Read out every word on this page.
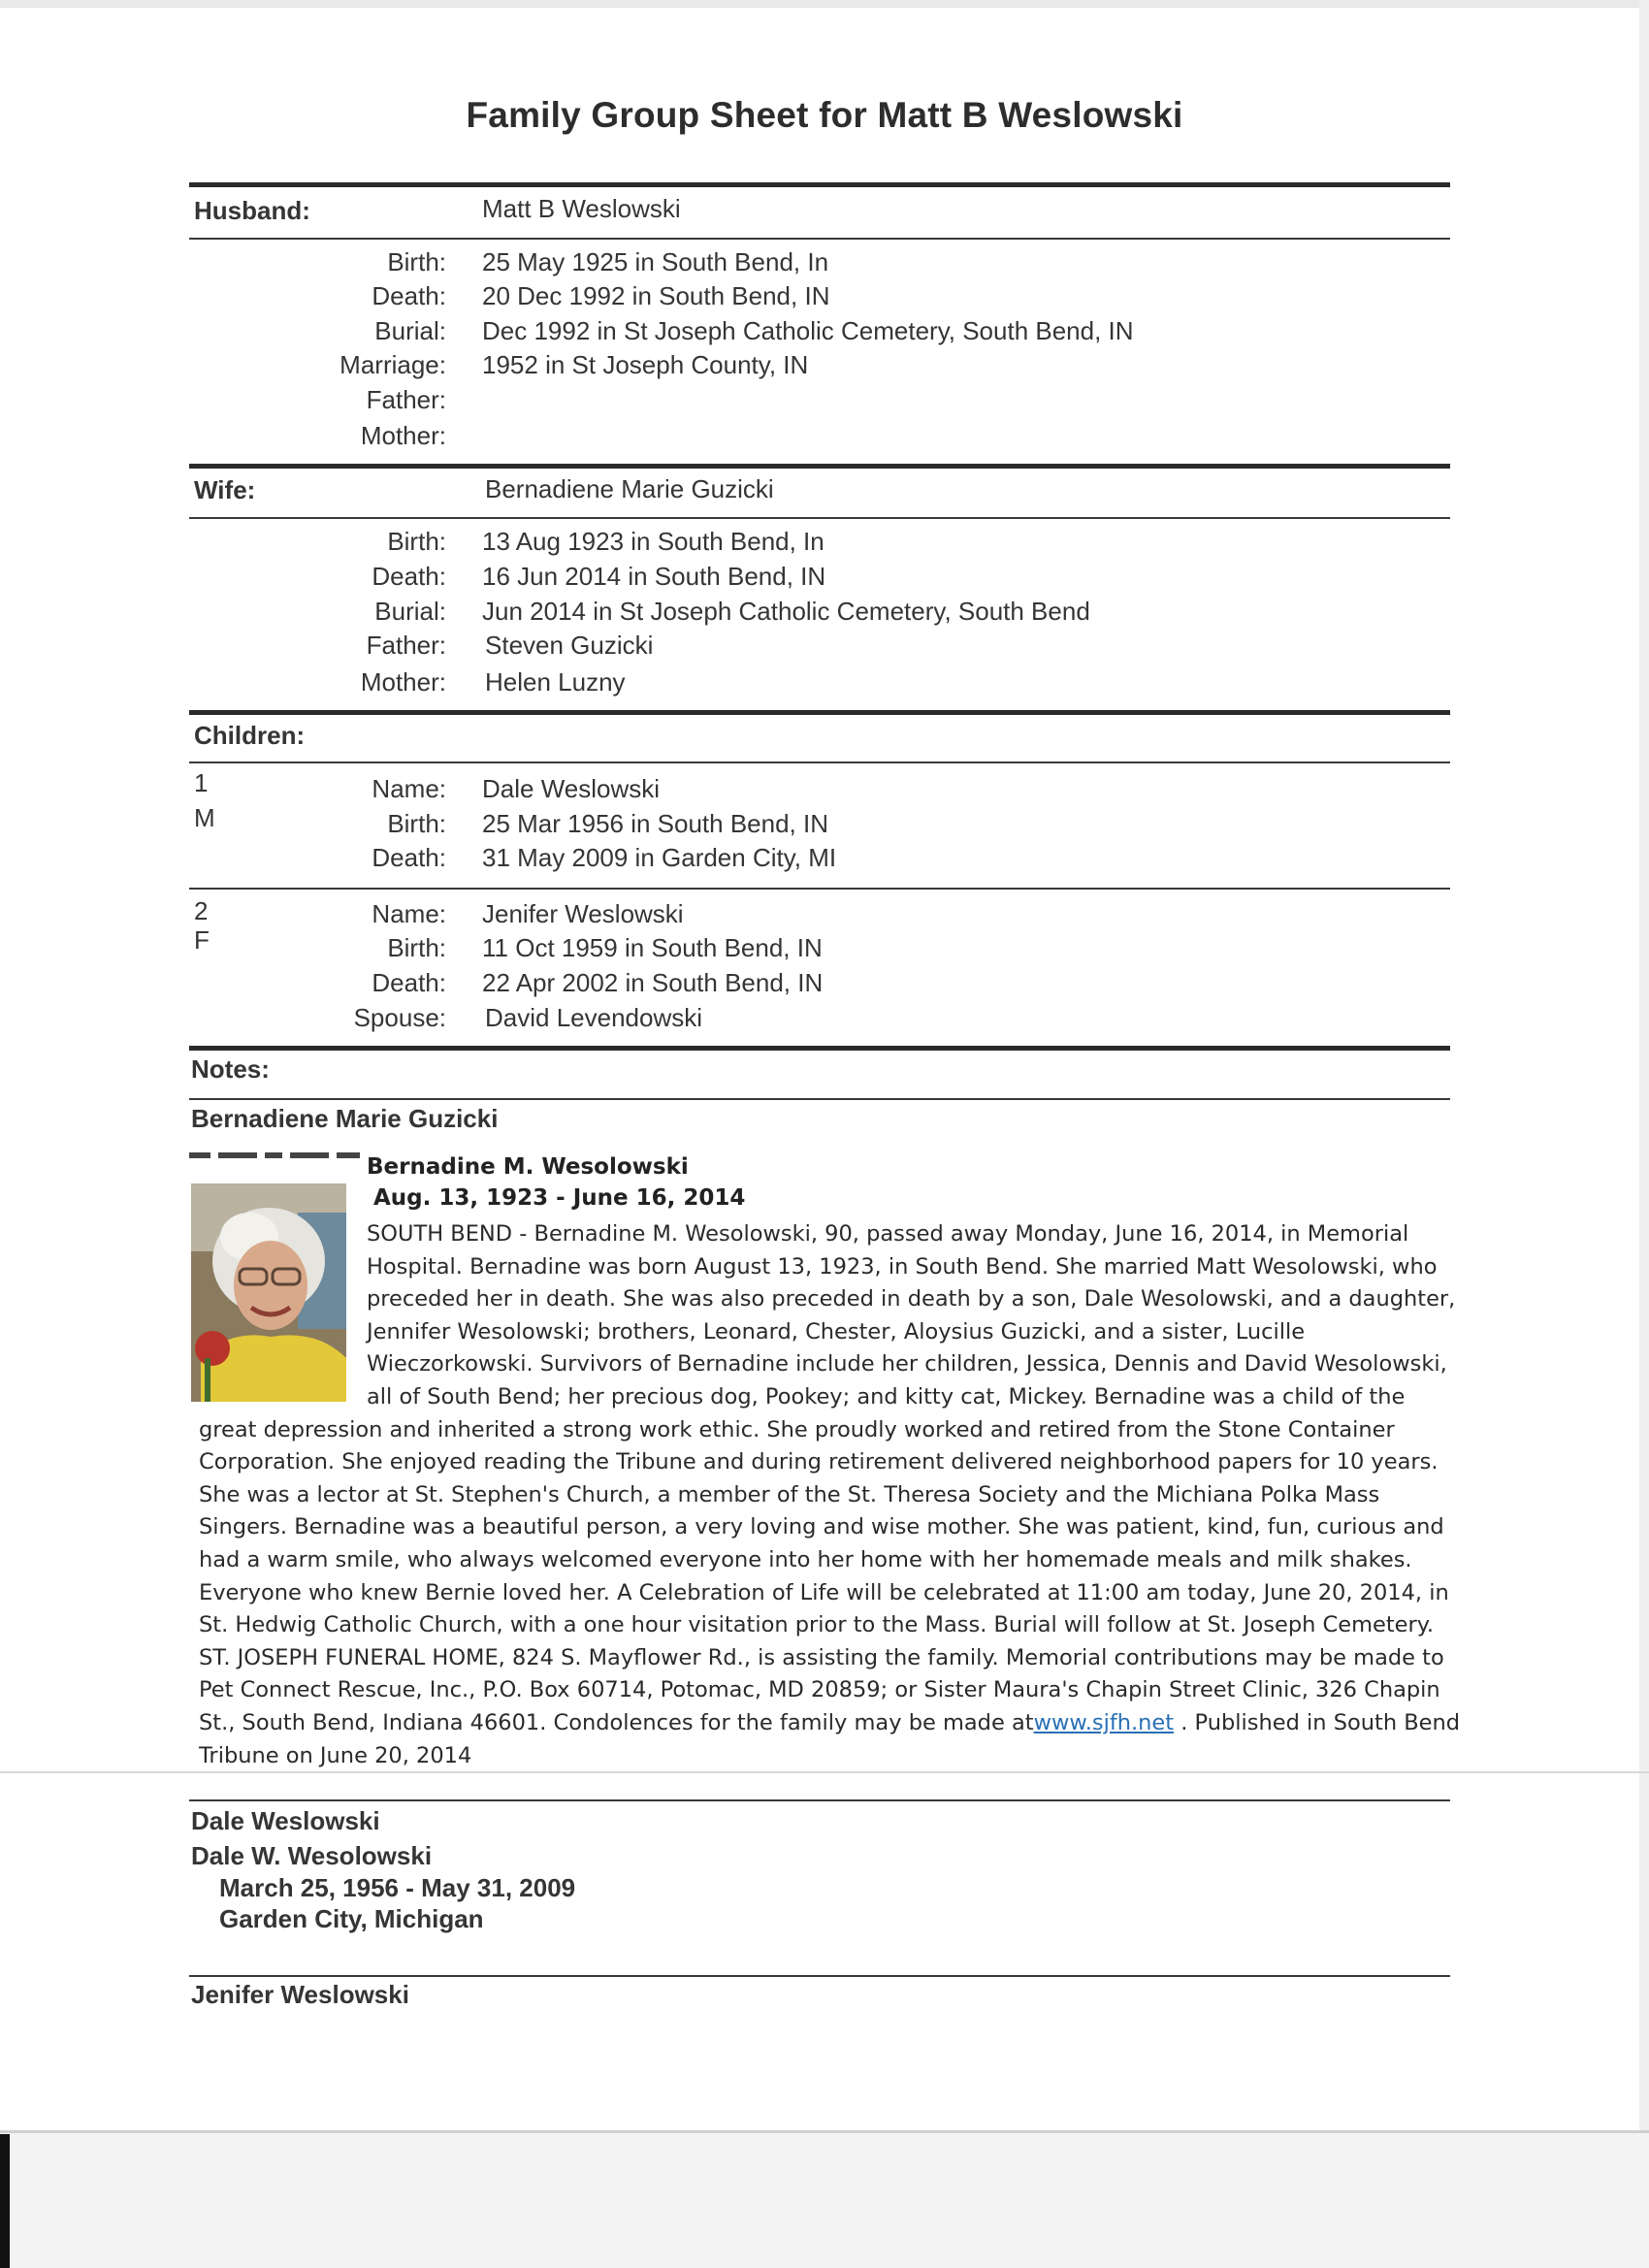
Family Group Sheet for Matt B Weslowski
Husband:	Matt B Weslowski
Birth: 25 May 1925 in South Bend, In
Death: 20 Dec 1992 in South Bend, IN
Burial: Dec 1992 in St Joseph Catholic Cemetery, South Bend, IN
Marriage: 1952 in St Joseph County, IN
Father:
Mother:
Wife:	Bernadiene Marie Guzicki
Birth: 13 Aug 1923 in South Bend, In
Death: 16 Jun 2014 in South Bend, IN
Burial: Jun 2014 in St Joseph Catholic Cemetery, South Bend
Father: Steven Guzicki
Mother: Helen Luzny
Children:
1
M
Name: Dale Weslowski
Birth: 25 Mar 1956 in South Bend, IN
Death: 31 May 2009 in Garden City, MI
2
F
Name: Jenifer Weslowski
Birth: 11 Oct 1959 in South Bend, IN
Death: 22 Apr 2002 in South Bend, IN
Spouse: David Levendowski
Notes:
Bernadiene Marie Guzicki
Bernadine M. Wesolowski
Aug. 13, 1923 - June 16, 2014
SOUTH BEND - Bernadine M. Wesolowski, 90, passed away Monday, June 16, 2014, in Memorial Hospital. Bernadine was born August 13, 1923, in South Bend. She married Matt Wesolowski, who preceded her in death. She was also preceded in death by a son, Dale Wesolowski, and a daughter, Jennifer Wesolowski; brothers, Leonard, Chester, Aloysius Guzicki, and a sister, Lucille Wieczorkowski. Survivors of Bernadine include her children, Jessica, Dennis and David Wesolowski, all of South Bend; her precious dog, Pookey; and kitty cat, Mickey. Bernadine was a child of the great depression and inherited a strong work ethic. She proudly worked and retired from the Stone Container Corporation. She enjoyed reading the Tribune and during retirement delivered neighborhood papers for 10 years. She was a lector at St. Stephen's Church, a member of the St. Theresa Society and the Michiana Polka Mass Singers. Bernadine was a beautiful person, a very loving and wise mother. She was patient, kind, fun, curious and had a warm smile, who always welcomed everyone into her home with her homemade meals and milk shakes. Everyone who knew Bernie loved her. A Celebration of Life will be celebrated at 11:00 am today, June 20, 2014, in St. Hedwig Catholic Church, with a one hour visitation prior to the Mass. Burial will follow at St. Joseph Cemetery. ST. JOSEPH FUNERAL HOME, 824 S. Mayflower Rd., is assisting the family. Memorial contributions may be made to Pet Connect Rescue, Inc., P.O. Box 60714, Potomac, MD 20859; or Sister Maura's Chapin Street Clinic, 326 Chapin St., South Bend, Indiana 46601. Condolences for the family may be made atwww.sjfh.net . Published in South Bend Tribune on June 20, 2014
Dale Weslowski
Dale W. Wesolowski
March 25, 1956 - May 31, 2009
Garden City, Michigan
Jenifer Weslowski
